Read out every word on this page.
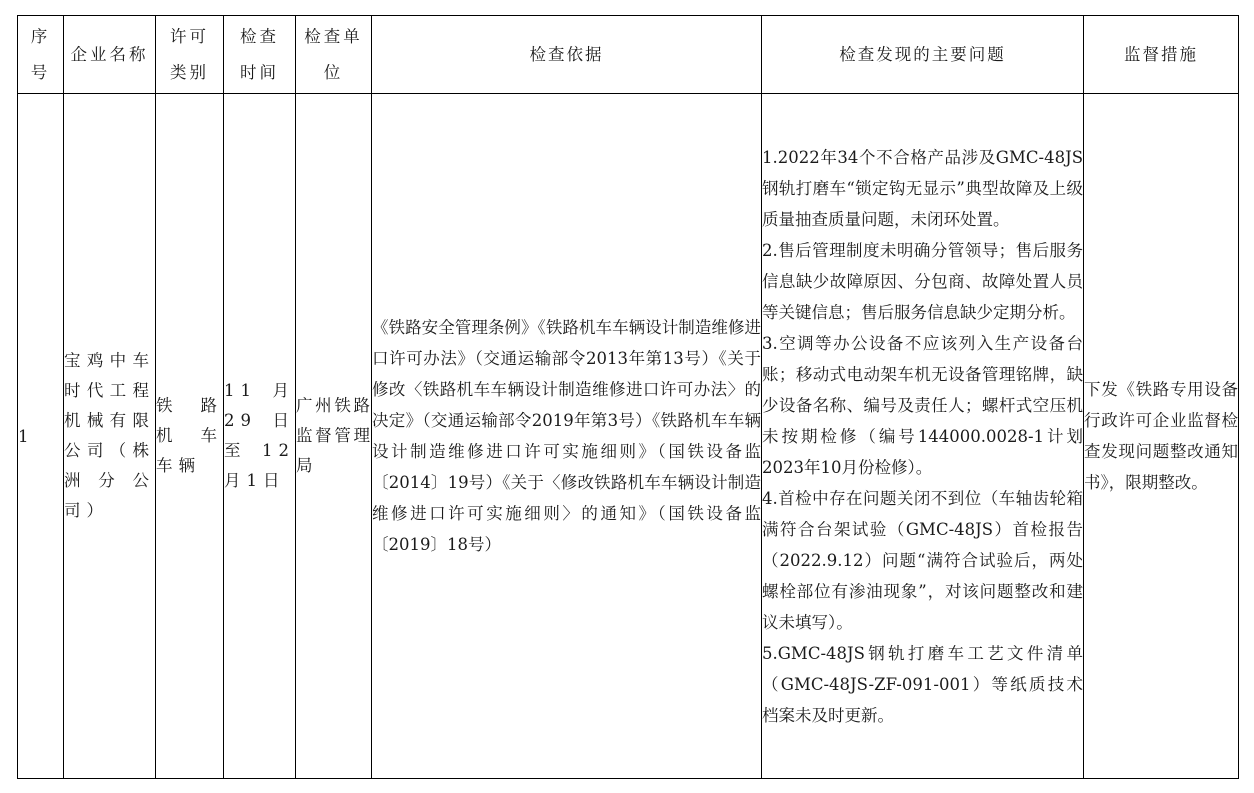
序号	企业名称	许可类别	检查时间	检查单位	检查依据	检查发现的主要问题	监督措施
1	宝鸡中车时代工程机械有限公司（株洲分公司）	铁路机车车辆	11月29日至12月1日	广州铁路监督管理局	《铁路安全管理条例》《铁路机车车辆设计制造维修进口许可办法》（交通运输部令2013年第13号）《关于修改〈铁路机车车辆设计制造维修进口许可办法〉的决定》（交通运输部令2019年第3号）《铁路机车车辆设计制造维修进口许可实施细则》（国铁设备监〔2014〕19号）《关于〈修改铁路机车车辆设计制造维修进口许可实施细则〉的通知》（国铁设备监〔2019〕18号）	1.2022年34个不合格产品涉及GMC-48JS钢轨打磨车“锁定钩无显示”典型故障及上级质量抽查质量问题，未闭环处置。

2.售后管理制度未明确分管领导；售后服务信息缺少故障原因、分包商、故障处置人员等关键信息；售后服务信息缺少定期分析。

3.空调等办公设备不应该列入生产设备台账；移动式电动架车机无设备管理铭牌，缺少设备名称、编号及责任人；螺杆式空压机未按期检修（编号144000.0028-1计划2023年10月份检修）。

4.首检中存在问题关闭不到位（车轴齿轮箱满符合台架试验（GMC-48JS）首检报告（2022.9.12）问题“满符合试验后，两处螺栓部位有渗油现象”，对该问题整改和建议未填写）。

5.GMC-48JS钢轨打磨车工艺文件清单（GMC-48JS-ZF-091-001）等纸质技术档案未及时更新。	下发《铁路专用设备行政许可企业监督检查发现问题整改通知书》，限期整改。
